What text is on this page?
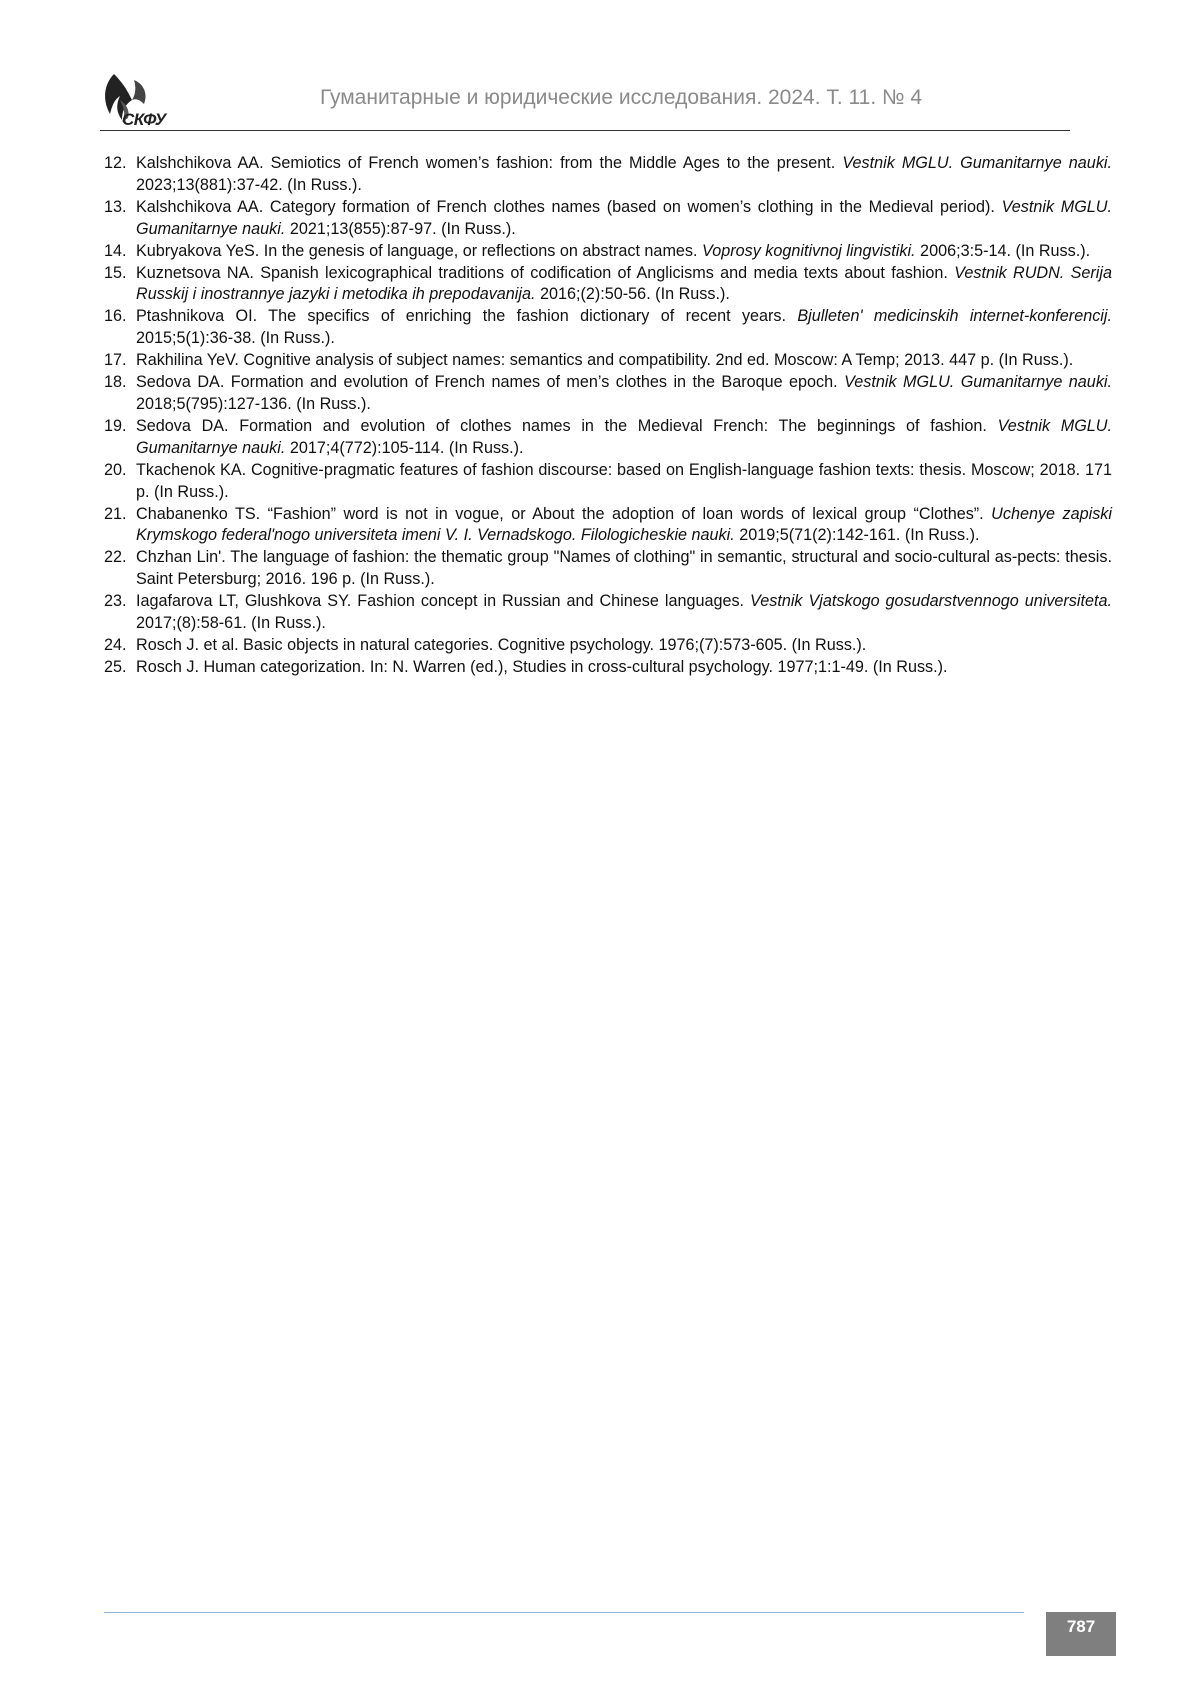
СКФУ
Гуманитарные и юридические исследования. 2024. Т. 11. № 4
12. Kalshchikova AA. Semiotics of French women’s fashion: from the Middle Ages to the present. Vestnik MGLU. Gumanitarnye nauki. 2023;13(881):37-42. (In Russ.).
13. Kalshchikova AA. Category formation of French clothes names (based on women’s clothing in the Medieval period). Vestnik MGLU. Gumanitarnye nauki. 2021;13(855):87-97. (In Russ.).
14. Kubryakova YeS. In the genesis of language, or reflections on abstract names. Voprosy kognitivnoj lingvistiki. 2006;3:5-14. (In Russ.).
15. Kuznetsova NA. Spanish lexicographical traditions of codification of Anglicisms and media texts about fashion. Vestnik RUDN. Serija Russkij i inostrannye jazyki i metodika ih prepodavanija. 2016;(2):50-56. (In Russ.).
16. Ptashnikova OI. The specifics of enriching the fashion dictionary of recent years. Bjulleten' medicinskih internet-konferencij. 2015;5(1):36-38. (In Russ.).
17. Rakhilina YeV. Cognitive analysis of subject names: semantics and compatibility. 2nd ed. Moscow: A Temp; 2013. 447 p. (In Russ.).
18. Sedova DA. Formation and evolution of French names of men’s clothes in the Baroque epoch. Vestnik MGLU. Gumanitarnye nauki. 2018;5(795):127-136. (In Russ.).
19. Sedova DA. Formation and evolution of clothes names in the Medieval French: The beginnings of fashion. Vestnik MGLU. Gumanitarnye nauki. 2017;4(772):105-114. (In Russ.).
20. Tkachenok KA. Cognitive-pragmatic features of fashion discourse: based on English-language fashion texts: thesis. Moscow; 2018. 171 p. (In Russ.).
21. Chabanenko TS. “Fashion” word is not in vogue, or About the adoption of loan words of lexical group “Clothes”. Uchenye zapiski Krymskogo federal'nogo universiteta imeni V. I. Vernadskogo. Filologicheskie nauki. 2019;5(71(2):142-161. (In Russ.).
22. Chzhan Lin'. The language of fashion: the thematic group "Names of clothing" in semantic, structural and socio-cultural as-pects: thesis. Saint Petersburg; 2016. 196 p. (In Russ.).
23. Iagafarova LT, Glushkova SY. Fashion concept in Russian and Chinese languages. Vestnik Vjatskogo gosudarstvennogo universiteta. 2017;(8):58-61. (In Russ.).
24. Rosch J. et al. Basic objects in natural categories. Cognitive psychology. 1976;(7):573-605. (In Russ.).
25. Rosch J. Human categorization. In: N. Warren (ed.), Studies in cross-cultural psychology. 1977;1:1-49. (In Russ.).
787
